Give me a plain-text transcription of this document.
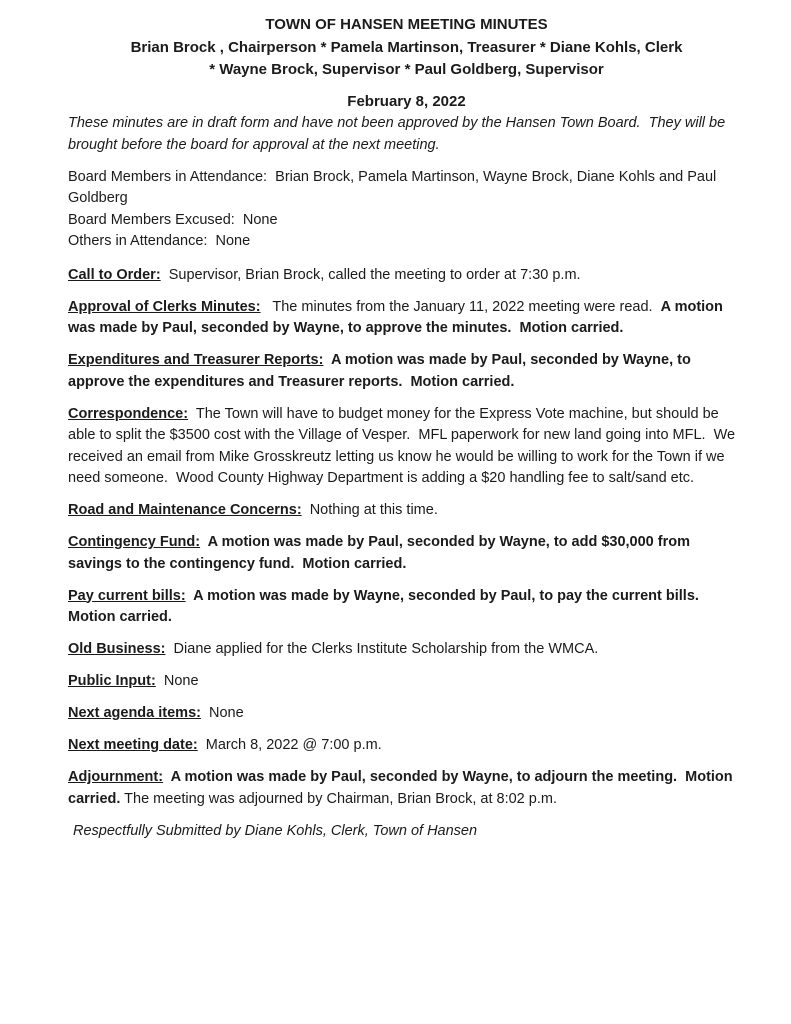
TOWN OF HANSEN MEETING MINUTES
Brian Brock , Chairperson * Pamela Martinson, Treasurer * Diane Kohls, Clerk
* Wayne Brock, Supervisor * Paul Goldberg, Supervisor
February 8, 2022

These minutes are in draft form and have not been approved by the Hansen Town Board.  They will be brought before the board for approval at the next meeting.

Board Members in Attendance:  Brian Brock, Pamela Martinson, Wayne Brock, Diane Kohls and Paul Goldberg

Board Members Excused:  None

Others in Attendance:  None

Call to Order:  Supervisor, Brian Brock, called the meeting to order at 7:30 p.m.

Approval of Clerks Minutes:   The minutes from the January 11, 2022 meeting were read.  A motion was made by Paul, seconded by Wayne, to approve the minutes.  Motion carried.

Expenditures and Treasurer Reports:  A motion was made by Paul, seconded by Wayne, to approve the expenditures and Treasurer reports.  Motion carried.

Correspondence:  The Town will have to budget money for the Express Vote machine, but should be able to split the $3500 cost with the Village of Vesper.  MFL paperwork for new land going into MFL.  We received an email from Mike Grosskreutz letting us know he would be willing to work for the Town if we need someone.  Wood County Highway Department is adding a $20 handling fee to salt/sand etc.

Road and Maintenance Concerns:  Nothing at this time.

Contingency Fund:  A motion was made by Paul, seconded by Wayne, to add $30,000 from savings to the contingency fund.  Motion carried.

Pay current bills:  A motion was made by Wayne, seconded by Paul, to pay the current bills.  Motion carried.

Old Business:  Diane applied for the Clerks Institute Scholarship from the WMCA.

Public Input:  None

Next agenda items:  None

Next meeting date:  March 8, 2022 @ 7:00 p.m.

Adjournment:  A motion was made by Paul, seconded by Wayne, to adjourn the meeting.  Motion carried. The meeting was adjourned by Chairman, Brian Brock, at 8:02 p.m.

Respectfully Submitted by Diane Kohls, Clerk, Town of Hansen
